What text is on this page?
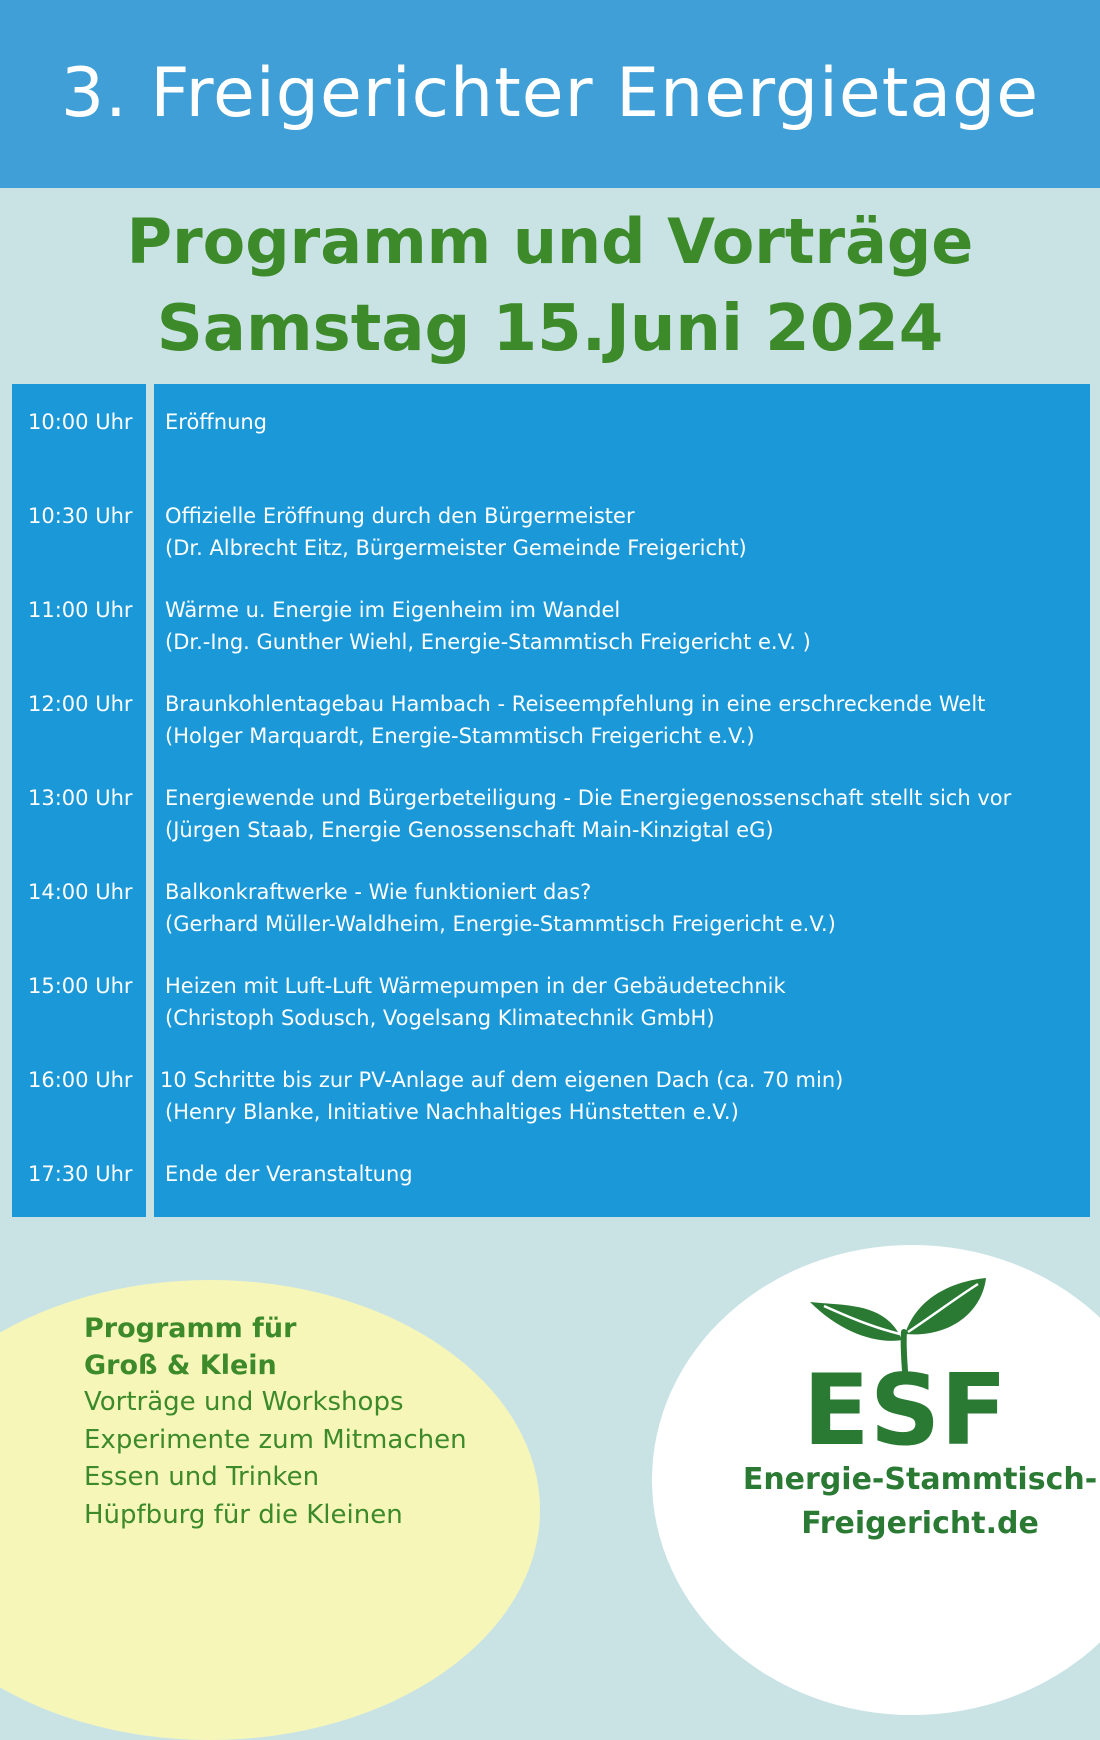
3. Freigerichter Energietage
Programm und Vorträge
Samstag 15.Juni 2024
10:00 Uhr	Eröffnung
10:30 Uhr	Offizielle Eröffnung durch den Bürgermeister
(Dr. Albrecht Eitz, Bürgermeister Gemeinde Freigericht)
11:00 Uhr	Wärme u. Energie im Eigenheim im Wandel
(Dr.-Ing. Gunther Wiehl, Energie-Stammtisch Freigericht e.V. )
12:00 Uhr	Braunkohlentagebau Hambach - Reiseempfehlung in eine erschreckende Welt
(Holger Marquardt, Energie-Stammtisch Freigericht e.V.)
13:00 Uhr	Energiewende und Bürgerbeteiligung - Die Energiegenossenschaft stellt sich vor
(Jürgen Staab, Energie Genossenschaft Main-Kinzigtal eG)
14:00 Uhr	Balkonkraftwerke - Wie funktioniert das?
(Gerhard Müller-Waldheim, Energie-Stammtisch Freigericht e.V.)
15:00 Uhr	Heizen mit Luft-Luft Wärmepumpen in der Gebäudetechnik
(Christoph Sodusch, Vogelsang Klimatechnik GmbH)
16:00 Uhr	10 Schritte bis zur PV-Anlage auf dem eigenen Dach (ca. 70 min)
(Henry Blanke, Initiative Nachhaltiges Hünstetten e.V.)
17:30 Uhr	Ende der Veranstaltung
Programm für
Groß & Klein
Vorträge und Workshops
Experimente zum Mitmachen
Essen und Trinken
Hüpfburg für die Kleinen
ESF
Energie-Stammtisch-
Freigericht.de
